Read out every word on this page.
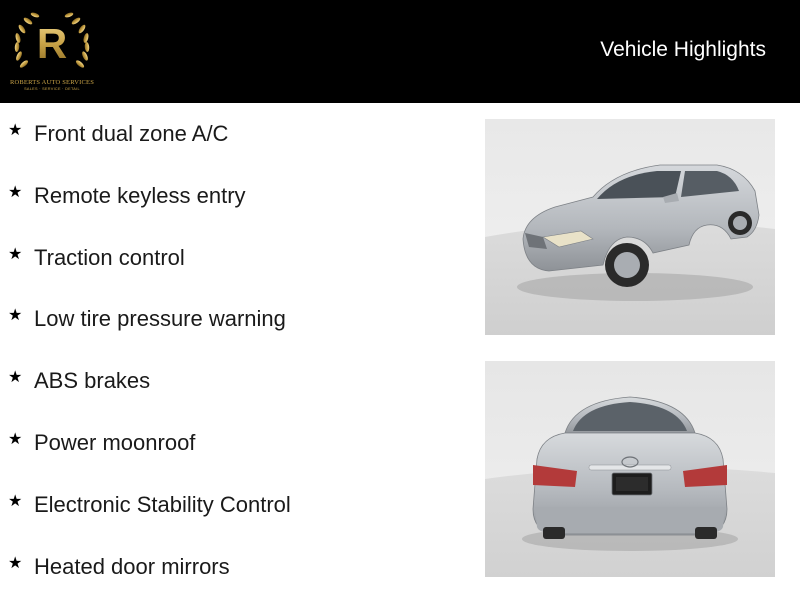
R
ROBERTS AUTO SERVICES
SALES · SERVICE · DETAIL
Vehicle Highlights
★ Front dual zone A/C
★ Remote keyless entry
★ Traction control
★ Low tire pressure warning
★ ABS brakes
★ Power moonroof
★ Electronic Stability Control
★ Heated door mirrors
